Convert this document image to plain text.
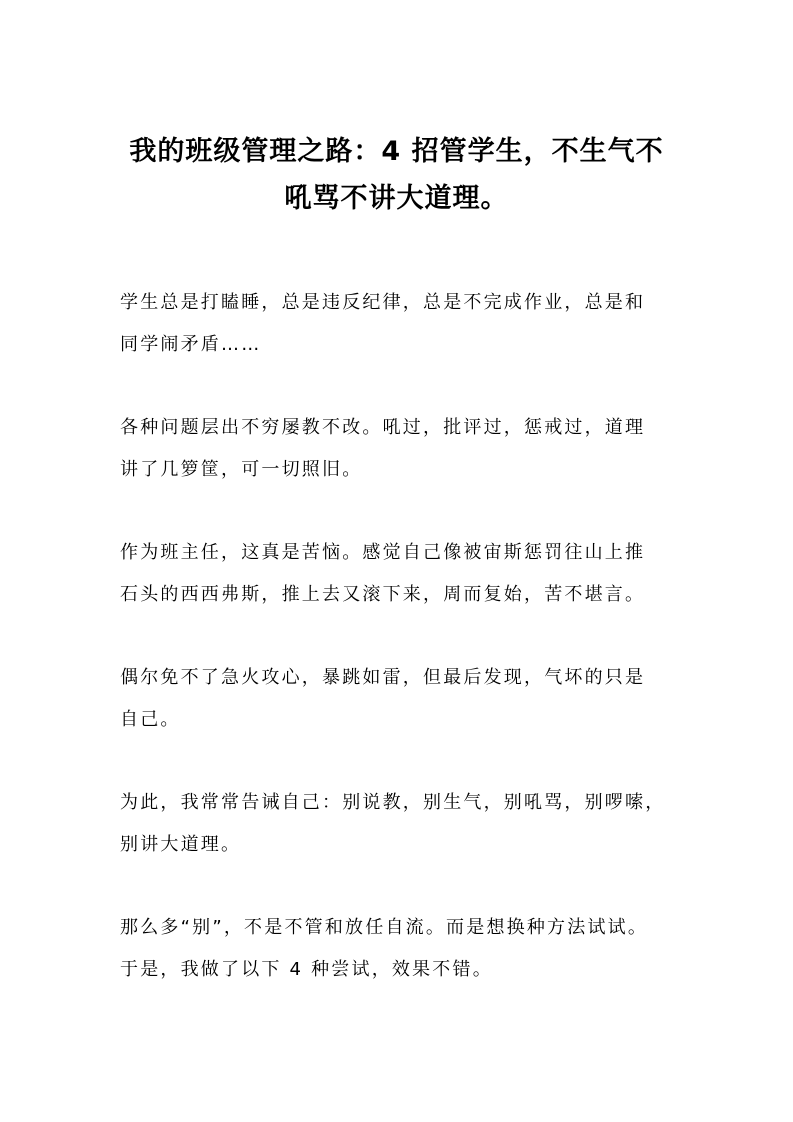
我的班级管理之路：4 招管学生，不生气不
吼骂不讲大道理。

学生总是打瞌睡，总是违反纪律，总是不完成作业，总是和
同学闹矛盾……

各种问题层出不穷屡教不改。吼过，批评过，惩戒过，道理
讲了几箩筐，可一切照旧。

作为班主任，这真是苦恼。感觉自己像被宙斯惩罚往山上推
石头的西西弗斯，推上去又滚下来，周而复始，苦不堪言。

偶尔免不了急火攻心，暴跳如雷，但最后发现，气坏的只是
自己。

为此，我常常告诫自己：别说教，别生气，别吼骂，别啰嗦，
别讲大道理。

那么多“别”，不是不管和放任自流。而是想换种方法试试。
于是，我做了以下 4 种尝试，效果不错。
